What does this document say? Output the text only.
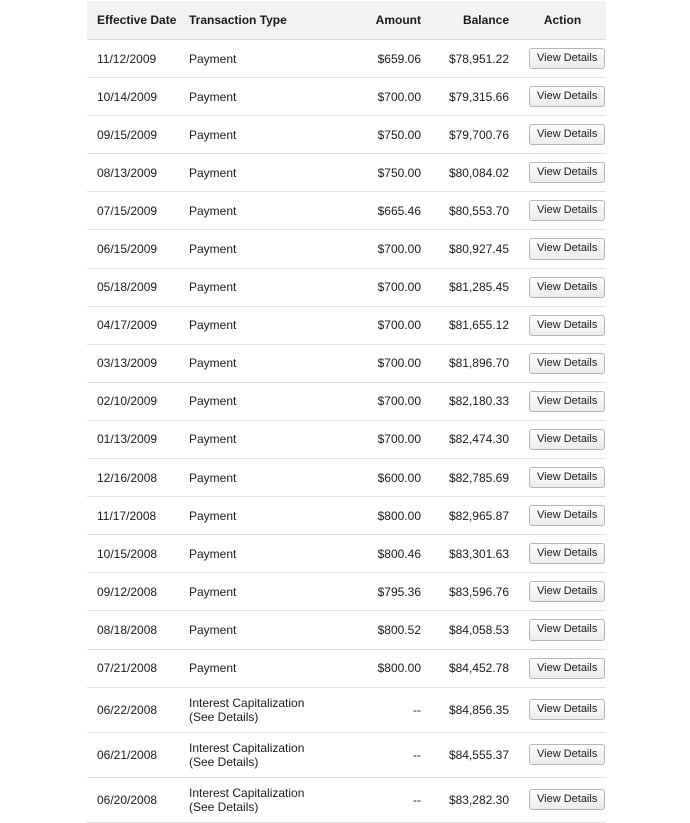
Effective Date	Transaction Type	Amount	Balance	Action
11/12/2009	Payment	$659.06	$78,951.22	View Details
10/14/2009	Payment	$700.00	$79,315.66	View Details
09/15/2009	Payment	$750.00	$79,700.76	View Details
08/13/2009	Payment	$750.00	$80,084.02	View Details
07/15/2009	Payment	$665.46	$80,553.70	View Details
06/15/2009	Payment	$700.00	$80,927.45	View Details
05/18/2009	Payment	$700.00	$81,285.45	View Details
04/17/2009	Payment	$700.00	$81,655.12	View Details
03/13/2009	Payment	$700.00	$81,896.70	View Details
02/10/2009	Payment	$700.00	$82,180.33	View Details
01/13/2009	Payment	$700.00	$82,474.30	View Details
12/16/2008	Payment	$600.00	$82,785.69	View Details
11/17/2008	Payment	$800.00	$82,965.87	View Details
10/15/2008	Payment	$800.46	$83,301.63	View Details
09/12/2008	Payment	$795.36	$83,596.76	View Details
08/18/2008	Payment	$800.52	$84,058.53	View Details
07/21/2008	Payment	$800.00	$84,452.78	View Details
06/22/2008	Interest Capitalization
(See Details)	--	$84,856.35	View Details
06/21/2008	Interest Capitalization
(See Details)	--	$84,555.37	View Details
06/20/2008	Interest Capitalization
(See Details)	--	$83,282.30	View Details
